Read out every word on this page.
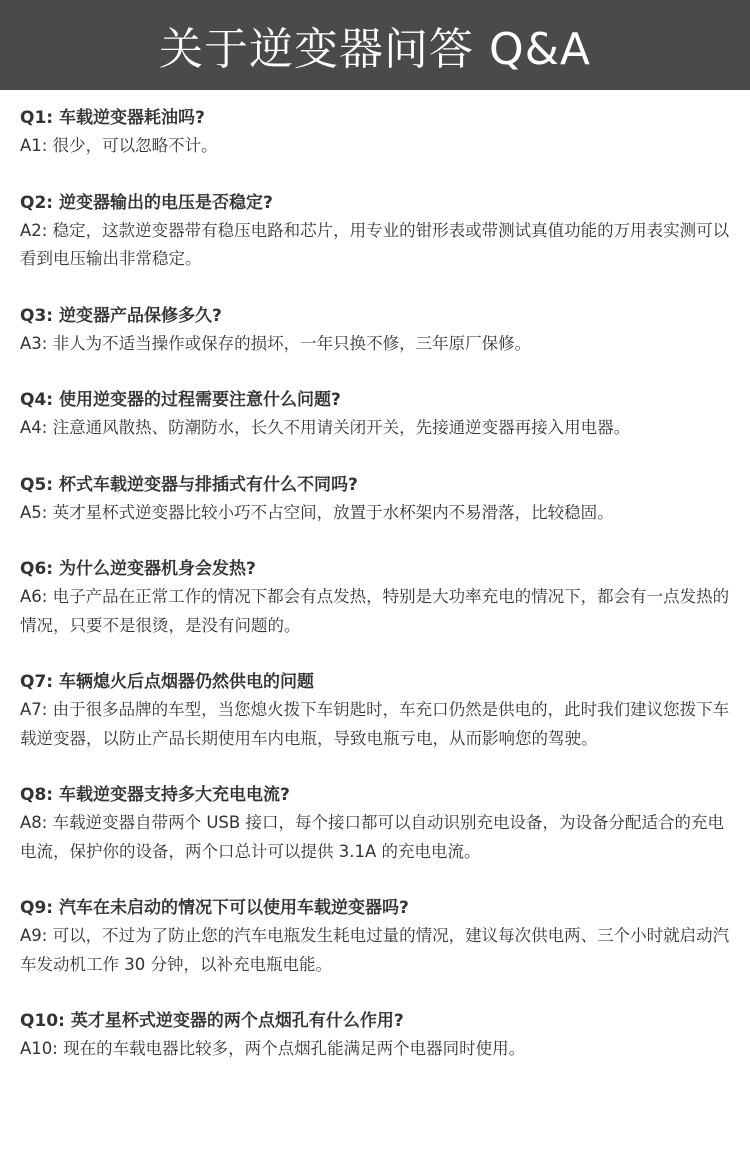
关于逆变器问答 Q&A

Q1: 车载逆变器耗油吗?

A1: 很少，可以忽略不计。

Q2: 逆变器输出的电压是否稳定?

A2: 稳定，这款逆变器带有稳压电路和芯片，用专业的钳形表或带测试真值功能的万用表实测可以看到电压输出非常稳定。

Q3: 逆变器产品保修多久?

A3: 非人为不适当操作或保存的损坏，一年只换不修，三年原厂保修。

Q4: 使用逆变器的过程需要注意什么问题?

A4: 注意通风散热、防潮防水，长久不用请关闭开关，先接通逆变器再接入用电器。

Q5: 杯式车载逆变器与排插式有什么不同吗?

A5: 英才星杯式逆变器比较小巧不占空间，放置于水杯架内不易滑落，比较稳固。

Q6: 为什么逆变器机身会发热?

A6: 电子产品在正常工作的情况下都会有点发热，特别是大功率充电的情况下，都会有一点发热的情况，只要不是很烫，是没有问题的。

Q7: 车辆熄火后点烟器仍然供电的问题

A7: 由于很多品牌的车型，当您熄火拨下车钥匙时，车充口仍然是供电的，此时我们建议您拨下车载逆变器，以防止产品长期使用车内电瓶，导致电瓶亏电，从而影响您的驾驶。

Q8: 车载逆变器支持多大充电电流?

A8: 车载逆变器自带两个 USB 接口，每个接口都可以自动识别充电设备，为设备分配适合的充电电流，保护你的设备，两个口总计可以提供 3.1A 的充电电流。

Q9: 汽车在未启动的情况下可以使用车载逆变器吗?

A9: 可以，不过为了防止您的汽车电瓶发生耗电过量的情况，建议每次供电两、三个小时就启动汽车发动机工作 30 分钟，以补充电瓶电能。

Q10: 英才星杯式逆变器的两个点烟孔有什么作用?

A10: 现在的车载电器比较多，两个点烟孔能满足两个电器同时使用。
